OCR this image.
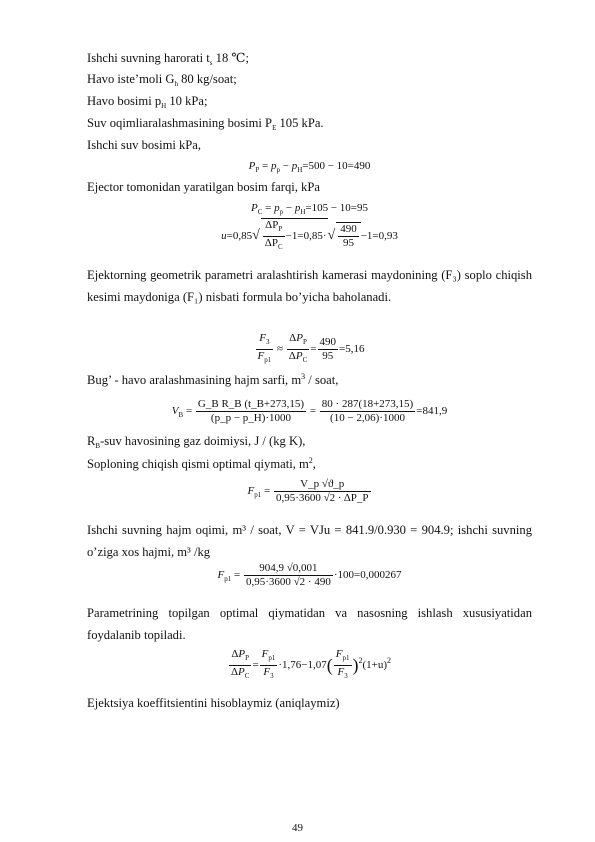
Ishchi suvning harorati $t_s$ 18 ℃;
Havo iste’moli $G_h$ 80 kg/soat;
Havo bosimi $p_H$ 10 kPa;
Suv oqimliaralashmasining bosimi $P_E$ 105 kPa.
Ishchi suv bosimi kPa,
$P_P = p_p - p_H=500 - 10=490$
Ejector tomonidan yaratilgan bosim farqi, kPa
$P_C = p_p - p_H=105 - 10=95$
$u=0,85√ \frac{\Delta P_P}{\Delta P_C} -1=0,85\cdot√ \frac{490}{95} -1=0,93$
Ejektorning geometrik parametri aralashtirish kamerasi maydonining (F₃) soplo chiqish kesimi maydoniga (F₁) nisbati formula bo’yicha baholanadi.
$\frac{F_3}{F_{p1}} \approx \frac{\Delta P_P}{\Delta P_C} = \frac{490}{95} =5,16$
Bug’ - havo aralashmasining hajm sarfi, $m^3$ / soat,
$V_B = \frac{\text{G\_B R\_B (t\_B+273,15)}}{(p\_p - p\_H)\cdot 1000} = \frac{80 \cdot 287(18+273,15)}{(10 - 2,06)\cdot 1000} =841,9$
$R_B$-suv havosining gaz doimiysi, J / (kg K),
Soploning chiqish qismi optimal qiymati, $m^2$,
$F_{p1} = \frac{V\_p √ϑ\_p}{0,95\cdot 3600 √2 \cdot \Delta P\_P}$
Ishchi suvning hajm oqimi, m³ / soat, V = VJu = 841.9/0.930 = 904.9; ishchi suvning o’ziga xos hajmi, m³ /kg
$F_{p1} = \frac{904,9 √0,001}{0,95\cdot 3600 √2 \cdot 490} \cdot 100=0,000267$
Parametrining topilgan optimal qiymatidan va nasosning ishlash xususiyatidan foydalanib topiladi.
$\frac{\Delta P_P}{\Delta P_C} = \frac{F_{p1}}{F_3} \cdot 1,76-1,07( \frac{F_{p1}}{F_3} )^2(1+u)^2$
Ejektsiya koeffitsientini hisoblaymiz (aniqlaymiz)
49
